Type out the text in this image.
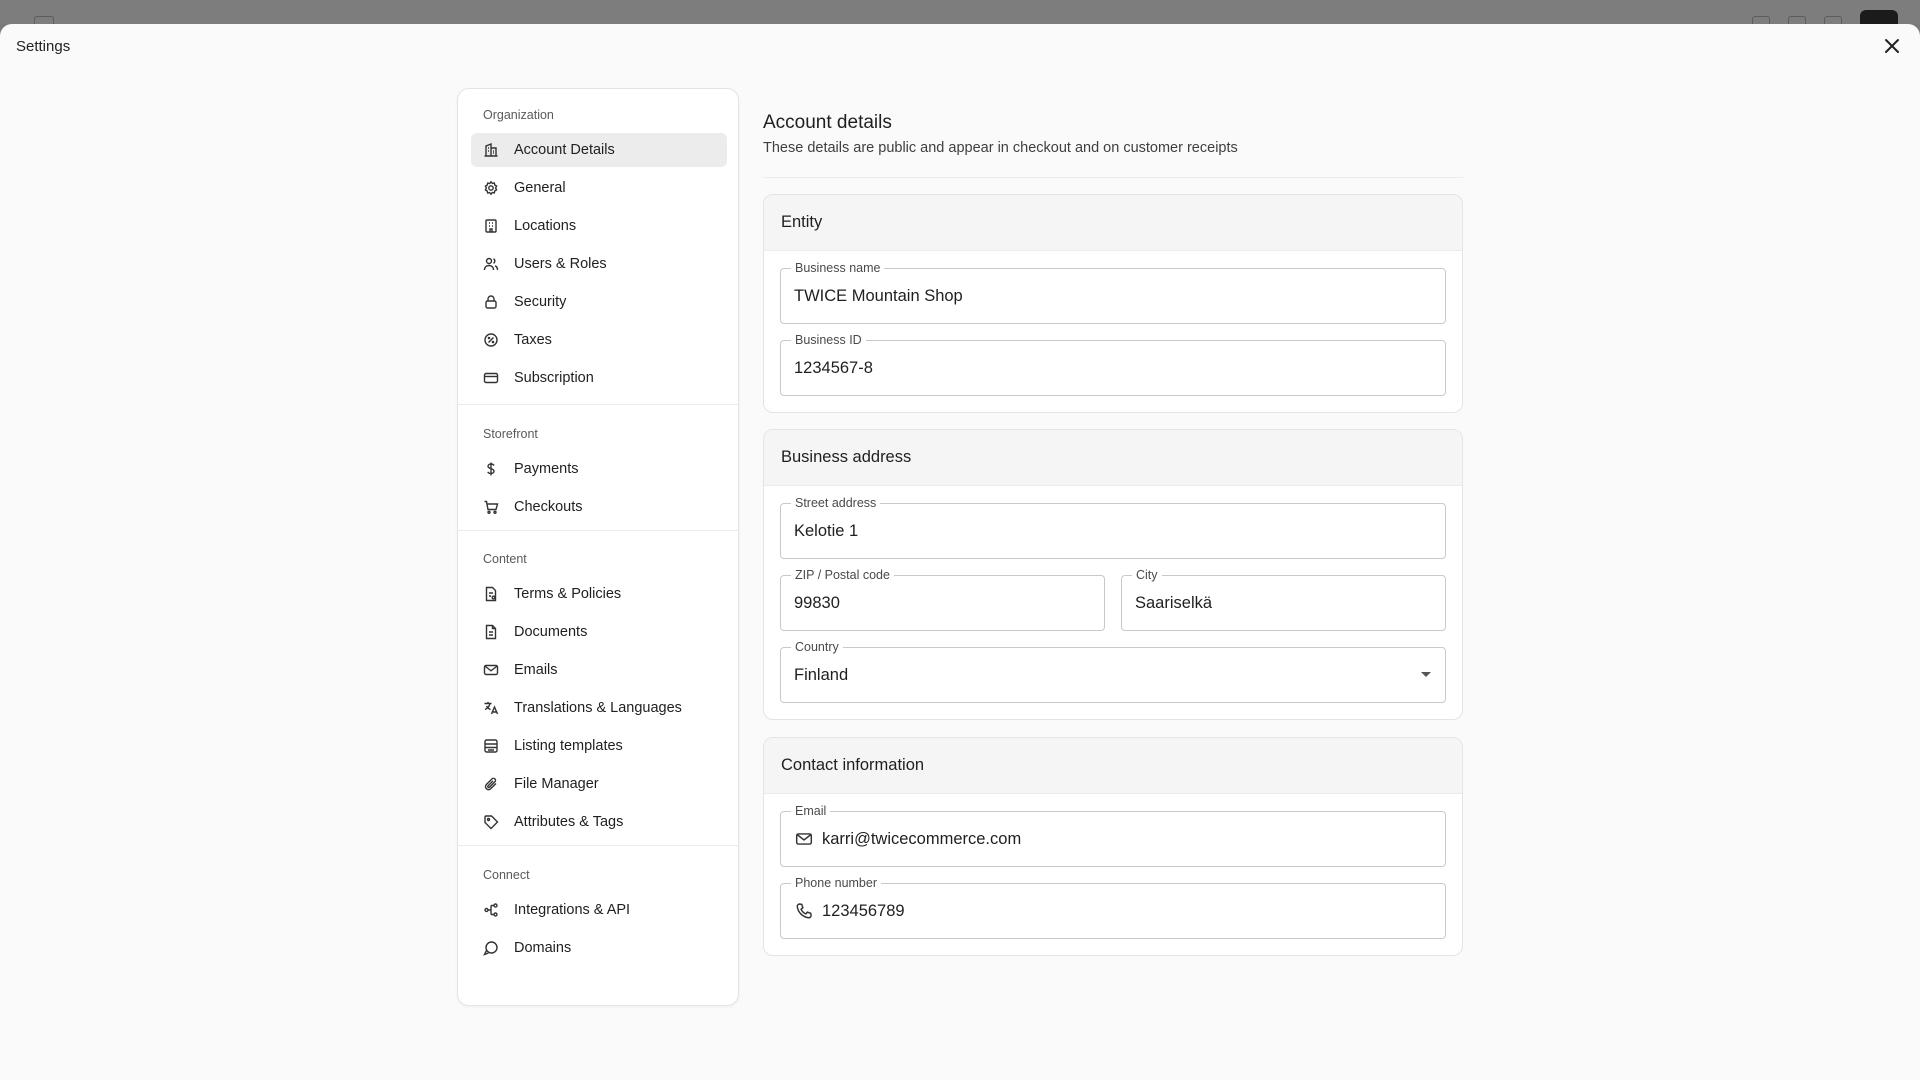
Settings
Organization
Account Details
General
Locations
Users & Roles
Security
Taxes
Subscription
Storefront
Payments
Checkouts
Content
Terms & Policies
Documents
Emails
Translations & Languages
Listing templates
File Manager
Attributes & Tags
Connect
Integrations & API
Domains
Account details
These details are public and appear in checkout and on customer receipts
Entity
Business name
TWICE Mountain Shop
Business ID
1234567-8
Business address
Street address
Kelotie 1
ZIP / Postal code
99830
City
Saariselkä
Country
Finland
Contact information
Email
karri@twicecommerce.com
Phone number
123456789
